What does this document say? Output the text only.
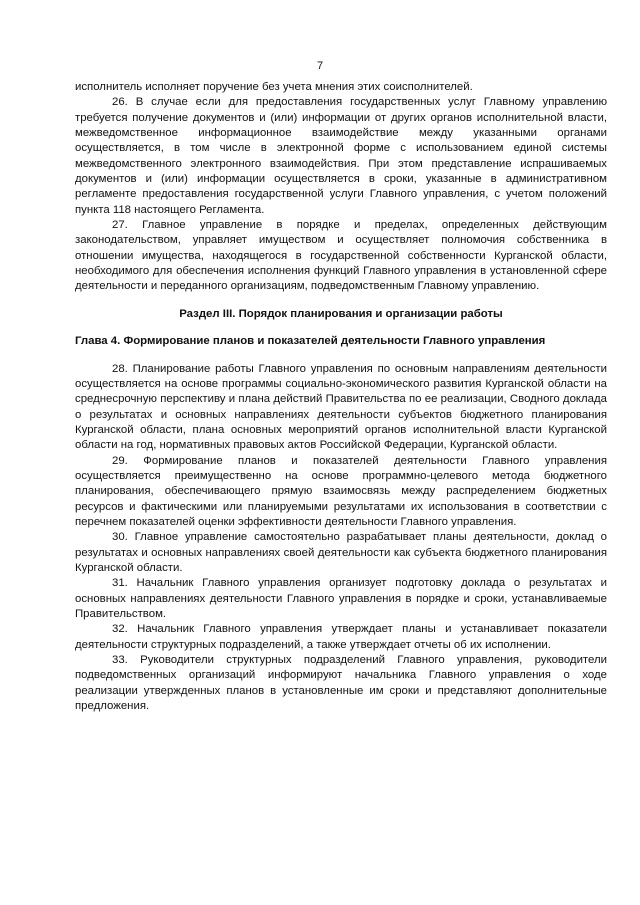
7

исполнитель исполняет поручение без учета мнения этих соисполнителей.

26. В случае если для предоставления государственных услуг Главному управлению требуется получение документов и (или) информации от других органов исполнительной власти, межведомственное информационное взаимодействие между указанными органами осуществляется, в том числе в электронной форме с использованием единой системы межведомственного электронного взаимодействия. При этом представление испрашиваемых документов и (или) информации осуществляется в сроки, указанные в административном регламенте предоставления государственной услуги Главного управления, с учетом положений пункта 118 настоящего Регламента.

27. Главное управление в порядке и пределах, определенных действующим законодательством, управляет имуществом и осуществляет полномочия собственника в отношении имущества, находящегося в государственной собственности Курганской области, необходимого для обеспечения исполнения функций Главного управления в установленной сфере деятельности и переданного организациям, подведомственным Главному управлению.

Раздел III. Порядок планирования и организации работы
Глава 4. Формирование планов и показателей деятельности Главного управления

28. Планирование работы Главного управления по основным направлениям деятельности осуществляется на основе программы социально-экономического развития Курганской области на среднесрочную перспективу и плана действий Правительства по ее реализации, Сводного доклада о результатах и основных направлениях деятельности субъектов бюджетного планирования Курганской области, плана основных мероприятий органов исполнительной власти Курганской области на год, нормативных правовых актов Российской Федерации, Курганской области.

29. Формирование планов и показателей деятельности Главного управления осуществляется преимущественно на основе программно-целевого метода бюджетного планирования, обеспечивающего прямую взаимосвязь между распределением бюджетных ресурсов и фактическими или планируемыми результатами их использования в соответствии с перечнем показателей оценки эффективности деятельности Главного управления.

30. Главное управление самостоятельно разрабатывает планы деятельности, доклад о результатах и основных направлениях своей деятельности как субъекта бюджетного планирования Курганской области.

31. Начальник Главного управления организует подготовку доклада о результатах и основных направлениях деятельности Главного управления в порядке и сроки, устанавливаемые Правительством.

32. Начальник Главного управления утверждает планы и устанавливает показатели деятельности структурных подразделений, а также утверждает отчеты об их исполнении.

33. Руководители структурных подразделений Главного управления, руководители подведомственных организаций информируют начальника Главного управления о ходе реализации утвержденных планов в установленные им сроки и представляют дополнительные предложения.
